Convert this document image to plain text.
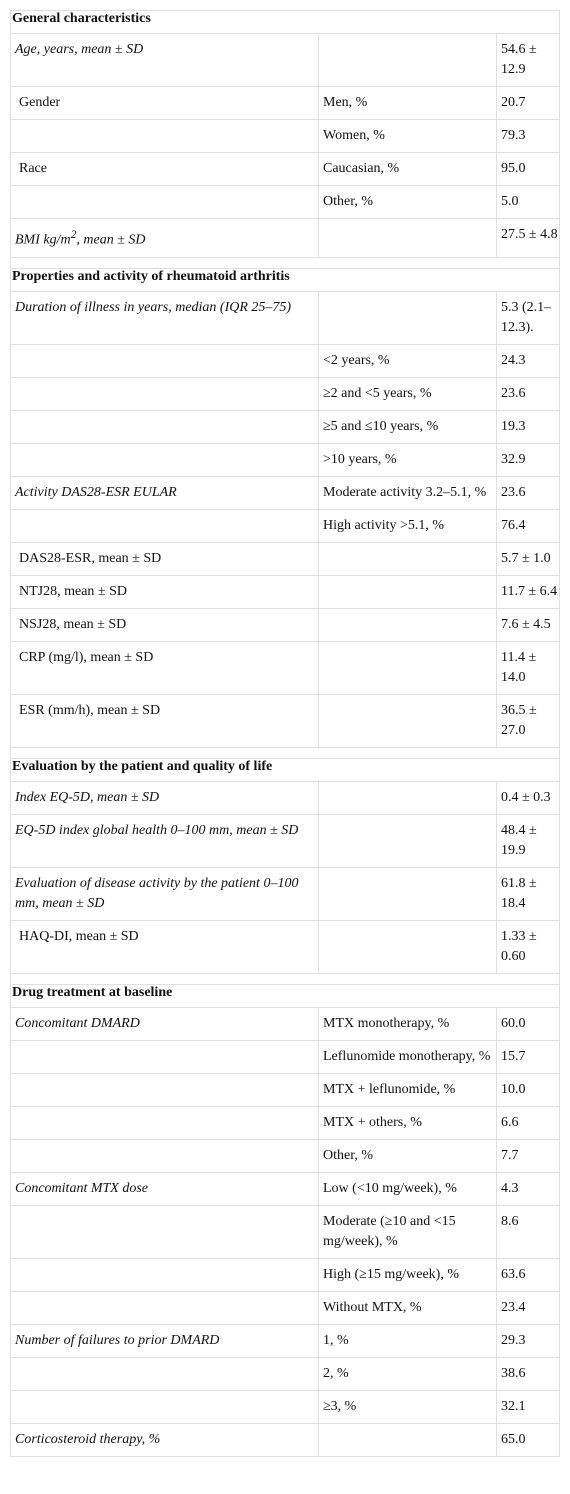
General characteristics		
Age, years, mean ± SD		54.6 ± 12.9
Gender	Men, %	20.7
	Women, %	79.3
Race	Caucasian, %	95.0
	Other, %	5.0
BMI $kg/m^2$, mean ± SD		27.5 ± 4.8

Properties and activity of rheumatoid arthritis		
Duration of illness in years, median (IQR 25–75)		5.3 (2.1–12.3).
	<2 years, %	24.3
	≥2 and <5 years, %	23.6
	≥5 and ≤10 years, %	19.3
	>10 years, %	32.9
Activity DAS28-ESR EULAR	Moderate activity 3.2–5.1, %	23.6
	High activity >5.1, %	76.4
DAS28-ESR, mean ± SD		5.7 ± 1.0
NTJ28, mean ± SD		11.7 ± 6.4
NSJ28, mean ± SD		7.6 ± 4.5
CRP (mg/l), mean ± SD		11.4 ± 14.0
ESR (mm/h), mean ± SD		36.5 ± 27.0

Evaluation by the patient and quality of life		
Index EQ-5D, mean ± SD		0.4 ± 0.3
EQ-5D index global health 0–100 mm, mean ± SD		48.4 ± 19.9
Evaluation of disease activity by the patient 0–100 mm, mean ± SD		61.8 ± 18.4
HAQ-DI, mean ± SD		1.33 ± 0.60

Drug treatment at baseline		
Concomitant DMARD	MTX monotherapy, %	60.0
	Leflunomide monotherapy, %	15.7
	MTX + leflunomide, %	10.0
	MTX + others, %	6.6
	Other, %	7.7
Concomitant MTX dose	Low (<10 mg/week), %	4.3
	Moderate (≥10 and <15 mg/week), %	8.6
	High (≥15 mg/week), %	63.6
	Without MTX, %	23.4
Number of failures to prior DMARD	1, %	29.3
	2, %	38.6
	≥3, %	32.1
Corticosteroid therapy, %		65.0
